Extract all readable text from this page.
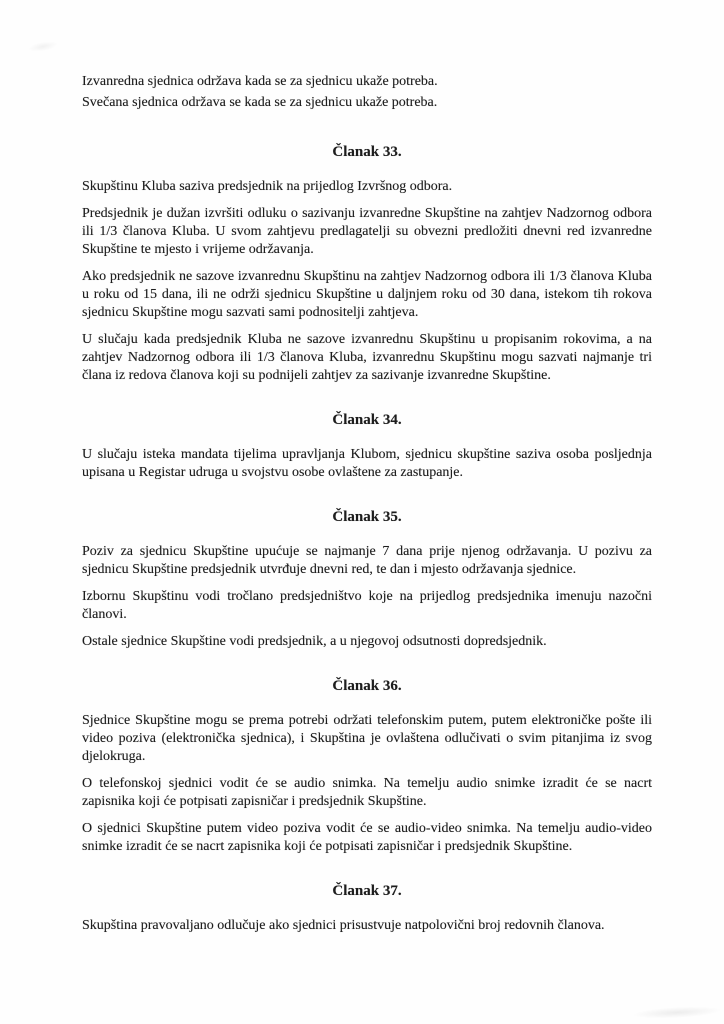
Izvanredna sjednica održava kada se za sjednicu ukaže potreba.

Svečana sjednica održava se kada se za sjednicu ukaže potreba.

Članak 33.

Skupštinu Kluba saziva predsjednik na prijedlog Izvršnog odbora.

Predsjednik je dužan izvršiti odluku o sazivanju izvanredne Skupštine na zahtjev Nadzornog odbora ili 1/3 članova Kluba. U svom zahtjevu predlagatelji su obvezni predložiti dnevni red izvanredne Skupštine te mjesto i vrijeme održavanja.

Ako predsjednik ne sazove izvanrednu Skupštinu na zahtjev Nadzornog odbora ili 1/3 članova Kluba u roku od 15 dana, ili ne održi sjednicu Skupštine u daljnjem roku od 30 dana, istekom tih rokova sjednicu Skupštine mogu sazvati sami podnositelji zahtjeva.

U slučaju kada predsjednik Kluba ne sazove izvanrednu Skupštinu u propisanim rokovima, a na zahtjev Nadzornog odbora ili 1/3 članova Kluba, izvanrednu Skupštinu mogu sazvati najmanje tri člana iz redova članova koji su podnijeli zahtjev za sazivanje izvanredne Skupštine.

Članak 34.

U slučaju isteka mandata tijelima upravljanja Klubom, sjednicu skupštine saziva osoba posljednja upisana u Registar udruga u svojstvu osobe ovlaštene za zastupanje.

Članak 35.

Poziv za sjednicu Skupštine upućuje se najmanje 7 dana prije njenog održavanja. U pozivu za sjednicu Skupštine predsjednik utvrđuje dnevni red, te dan i mjesto održavanja sjednice.

Izbornu Skupštinu vodi tročlano predsjedništvo koje na prijedlog predsjednika imenuju nazočni članovi.

Ostale sjednice Skupštine vodi predsjednik, a u njegovoj odsutnosti dopredsjednik.

Članak 36.

Sjednice Skupštine mogu se prema potrebi održati telefonskim putem, putem elektroničke pošte ili video poziva (elektronička sjednica), i Skupština je ovlaštena odlučivati o svim pitanjima iz svog djelokruga.

O telefonskoj sjednici vodit će se audio snimka. Na temelju audio snimke izradit će se nacrt zapisnika koji će potpisati zapisničar i predsjednik Skupštine.

O sjednici Skupštine putem video poziva vodit će se audio-video snimka. Na temelju audio-video snimke izradit će se nacrt zapisnika koji će potpisati zapisničar i predsjednik Skupštine.

Članak 37.

Skupština pravovaljano odlučuje ako sjednici prisustvuje natpolovični broj redovnih članova.
